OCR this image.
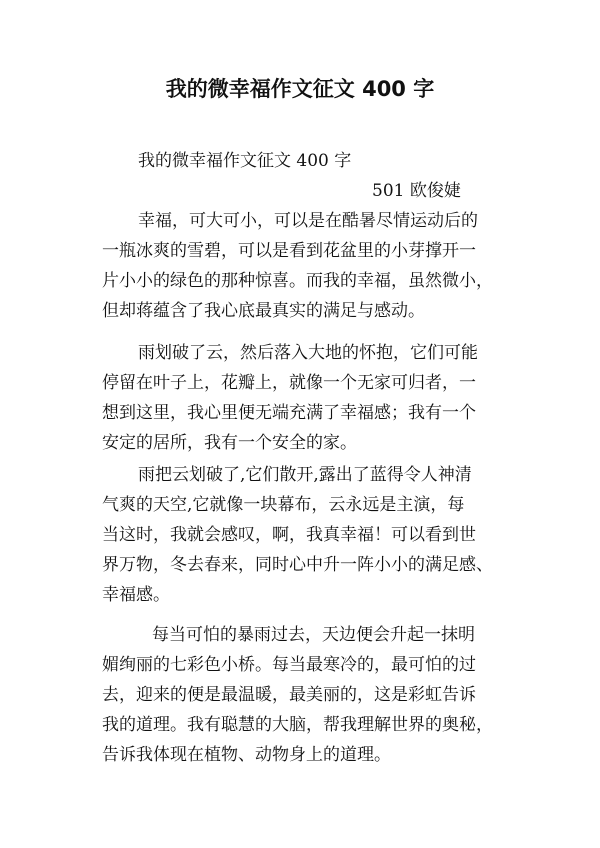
我的微幸福作文征文 400 字
我的微幸福作文征文 400 字
501 欧俊婕
幸福，可大可小，可以是在酷暑尽情运动后的
一瓶冰爽的雪碧，可以是看到花盆里的小芽撑开一
片小小的绿色的那种惊喜。而我的幸福，虽然微小，
但却蒋蕴含了我心底最真实的满足与感动。
雨划破了云，然后落入大地的怀抱，它们可能
停留在叶子上，花瓣上，就像一个无家可归者，一
想到这里，我心里便无端充满了幸福感；我有一个
安定的居所，我有一个安全的家。
雨把云划破了,它们散开,露出了蓝得令人神清
气爽的天空,它就像一块幕布，云永远是主演，每
当这时，我就会感叹，啊，我真幸福！可以看到世
界万物，冬去春来，同时心中升一阵小小的满足感、
幸福感。
每当可怕的暴雨过去，天边便会升起一抹明
媚绚丽的七彩色小桥。每当最寒冷的，最可怕的过
去，迎来的便是最温暖，最美丽的，这是彩虹告诉
我的道理。我有聪慧的大脑，帮我理解世界的奥秘，
告诉我体现在植物、动物身上的道理。
